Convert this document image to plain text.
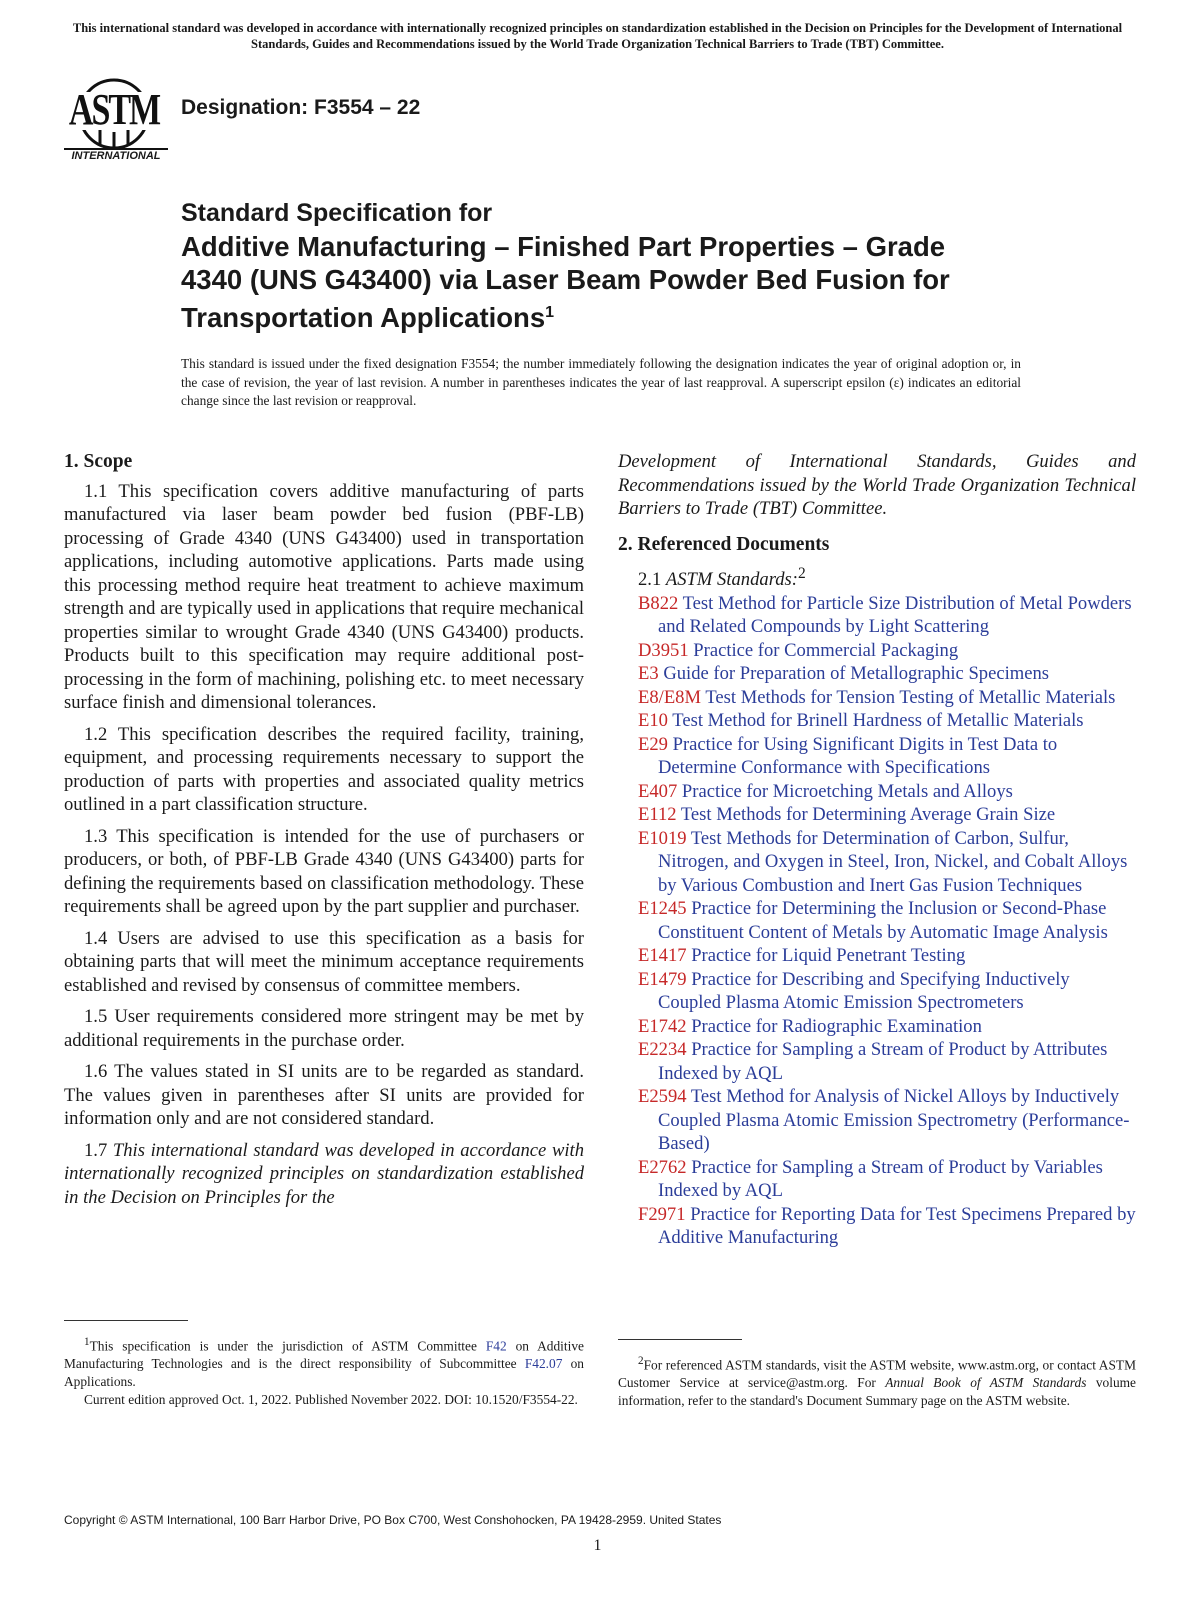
This international standard was developed in accordance with internationally recognized principles on standardization established in the Decision on Principles for the Development of International Standards, Guides and Recommendations issued by the World Trade Organization Technical Barriers to Trade (TBT) Committee.
ASTM
INTERNATIONAL
Designation: F3554 – 22
Standard Specification for
Additive Manufacturing – Finished Part Properties – Grade
4340 (UNS G43400) via Laser Beam Powder Bed Fusion for
Transportation Applications$^1$
This standard is issued under the fixed designation F3554; the number immediately following the designation indicates the year of original adoption or, in the case of revision, the year of last revision. A number in parentheses indicates the year of last reapproval. A superscript epsilon (ε) indicates an editorial change since the last revision or reapproval.
1. Scope

1.1 This specification covers additive manufacturing of parts manufactured via laser beam powder bed fusion (PBF-LB) processing of Grade 4340 (UNS G43400) used in transportation applications, including automotive applications. Parts made using this processing method require heat treatment to achieve maximum strength and are typically used in applications that require mechanical properties similar to wrought Grade 4340 (UNS G43400) products. Products built to this specification may require additional post-processing in the form of machining, polishing etc. to meet necessary surface finish and dimensional tolerances.

1.2 This specification describes the required facility, training, equipment, and processing requirements necessary to support the production of parts with properties and associated quality metrics outlined in a part classification structure.

1.3 This specification is intended for the use of purchasers or producers, or both, of PBF-LB Grade 4340 (UNS G43400) parts for defining the requirements based on classification methodology. These requirements shall be agreed upon by the part supplier and purchaser.

1.4 Users are advised to use this specification as a basis for obtaining parts that will meet the minimum acceptance requirements established and revised by consensus of committee members.

1.5 User requirements considered more stringent may be met by additional requirements in the purchase order.

1.6 The values stated in SI units are to be regarded as standard. The values given in parentheses after SI units are provided for information only and are not considered standard.

1.7 This international standard was developed in accordance with internationally recognized principles on standardization established in the Decision on Principles for the

$^1$This specification is under the jurisdiction of ASTM Committee F42 on Additive Manufacturing Technologies and is the direct responsibility of Subcommittee F42.07 on Applications.
Current edition approved Oct. 1, 2022. Published November 2022. DOI: 10.1520/F3554-22.

Development of International Standards, Guides and Recommendations issued by the World Trade Organization Technical Barriers to Trade (TBT) Committee.

2. Referenced Documents
2.1 ASTM Standards:$^2$
B822 Test Method for Particle Size Distribution of Metal Powders and Related Compounds by Light Scattering
D3951 Practice for Commercial Packaging
E3 Guide for Preparation of Metallographic Specimens
E8/E8M Test Methods for Tension Testing of Metallic Materials
E10 Test Method for Brinell Hardness of Metallic Materials
E29 Practice for Using Significant Digits in Test Data to Determine Conformance with Specifications
E407 Practice for Microetching Metals and Alloys
E112 Test Methods for Determining Average Grain Size
E1019 Test Methods for Determination of Carbon, Sulfur, Nitrogen, and Oxygen in Steel, Iron, Nickel, and Cobalt Alloys by Various Combustion and Inert Gas Fusion Techniques
E1245 Practice for Determining the Inclusion or Second-Phase Constituent Content of Metals by Automatic Image Analysis
E1417 Practice for Liquid Penetrant Testing
E1479 Practice for Describing and Specifying Inductively Coupled Plasma Atomic Emission Spectrometers
E1742 Practice for Radiographic Examination
E2234 Practice for Sampling a Stream of Product by Attributes Indexed by AQL
E2594 Test Method for Analysis of Nickel Alloys by Inductively Coupled Plasma Atomic Emission Spectrometry (Performance-Based)
E2762 Practice for Sampling a Stream of Product by Variables Indexed by AQL
F2971 Practice for Reporting Data for Test Specimens Prepared by Additive Manufacturing
$^2$For referenced ASTM standards, visit the ASTM website, www.astm.org, or contact ASTM Customer Service at service@astm.org. For Annual Book of ASTM Standards volume information, refer to the standard's Document Summary page on the ASTM website.
Copyright © ASTM International, 100 Barr Harbor Drive, PO Box C700, West Conshohocken, PA 19428-2959. United States
1
